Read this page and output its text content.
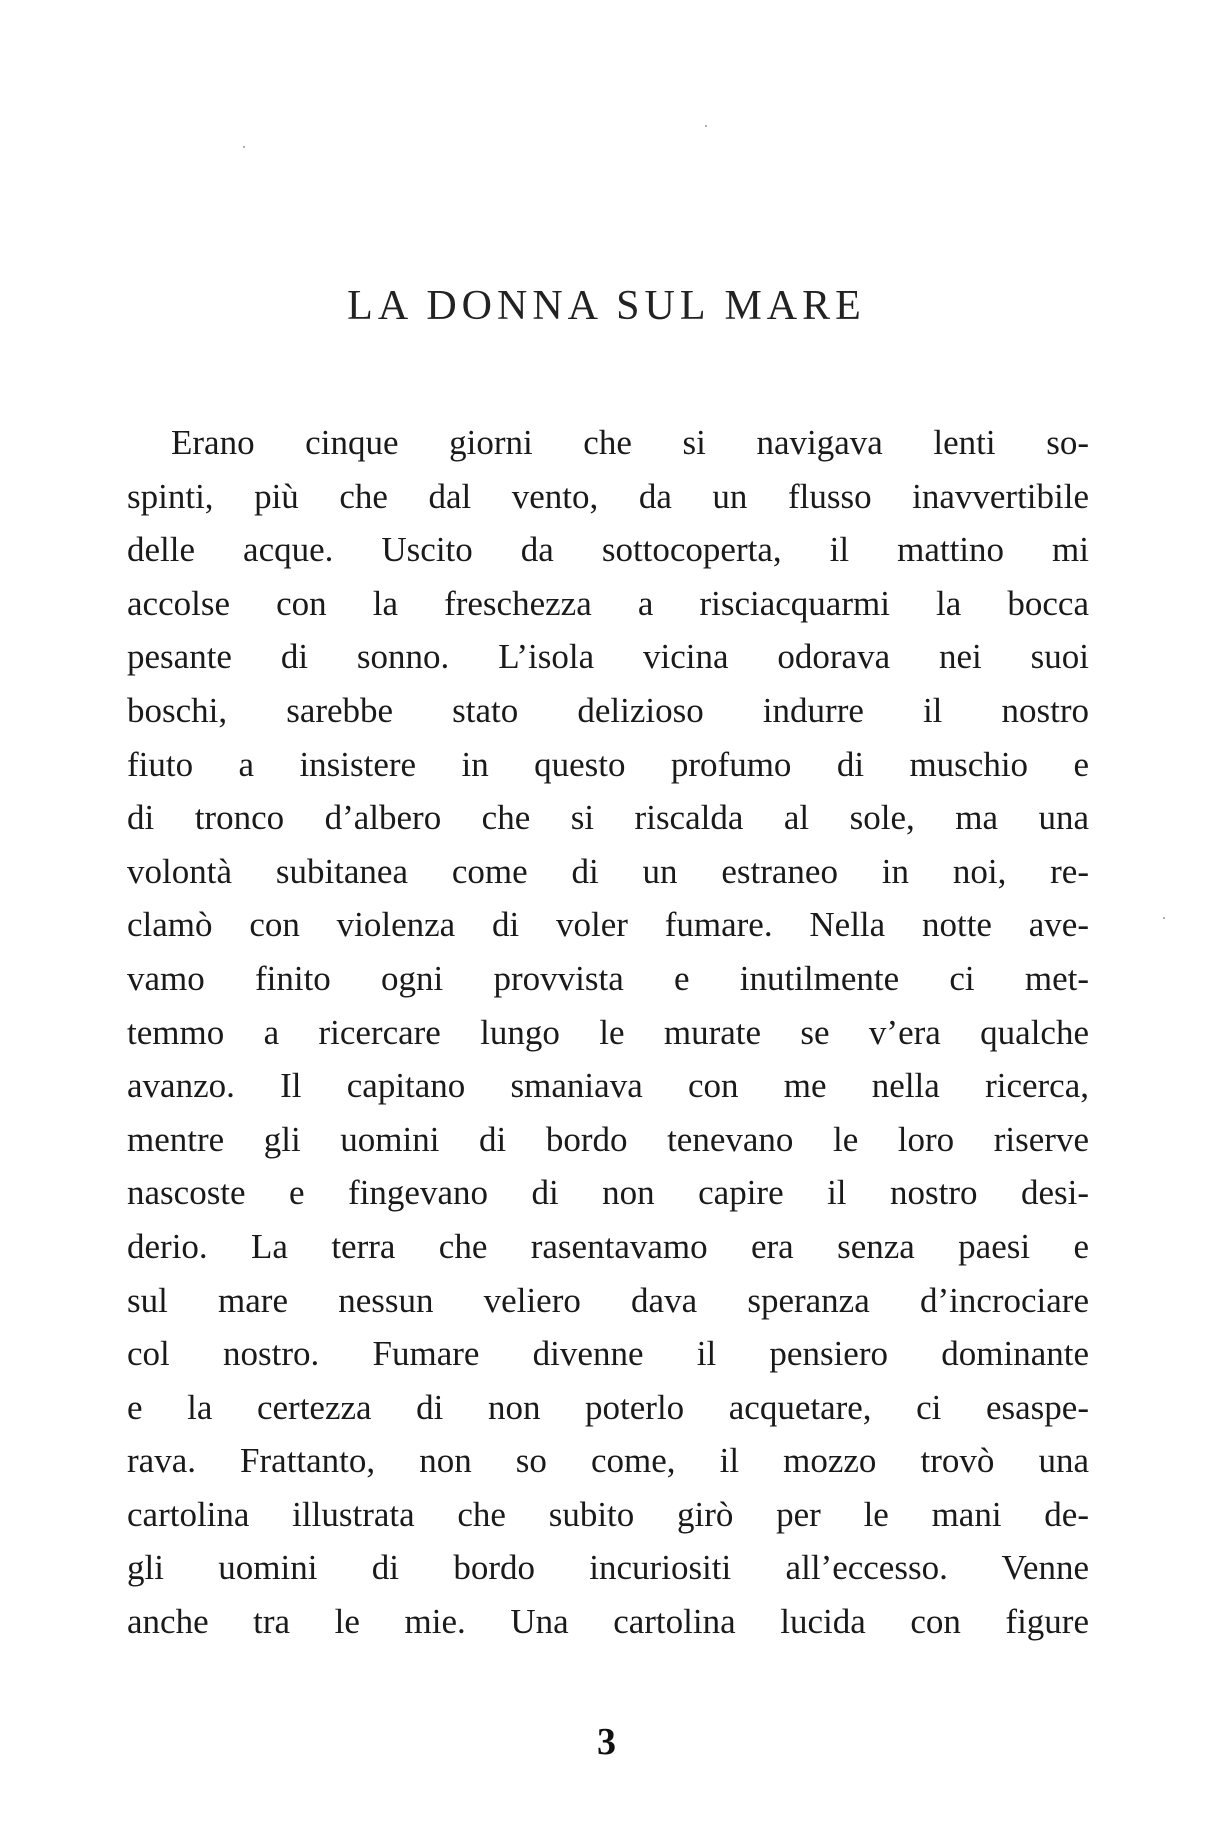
LA DONNA SUL MARE
Erano cinque giorni che si navigava lenti so-
spinti, più che dal vento, da un flusso inavvertibile
delle acque. Uscito da sottocoperta, il mattino mi
accolse con la freschezza a risciacquarmi la bocca
pesante di sonno. L’isola vicina odorava nei suoi
boschi, sarebbe stato delizioso indurre il nostro
fiuto a insistere in questo profumo di muschio e
di tronco d’albero che si riscalda al sole, ma una
volontà subitanea come di un estraneo in noi, re-
clamò con violenza di voler fumare. Nella notte ave-
vamo finito ogni provvista e inutilmente ci met-
temmo a ricercare lungo le murate se v’era qualche
avanzo. Il capitano smaniava con me nella ricerca,
mentre gli uomini di bordo tenevano le loro riserve
nascoste e fingevano di non capire il nostro desi-
derio. La terra che rasentavamo era senza paesi e
sul mare nessun veliero dava speranza d’incrociare
col nostro. Fumare divenne il pensiero dominante
e la certezza di non poterlo acquetare, ci esaspe-
rava. Frattanto, non so come, il mozzo trovò una
cartolina illustrata che subito girò per le mani de-
gli uomini di bordo incuriositi all’eccesso. Venne
anche tra le mie. Una cartolina lucida con figure
3
